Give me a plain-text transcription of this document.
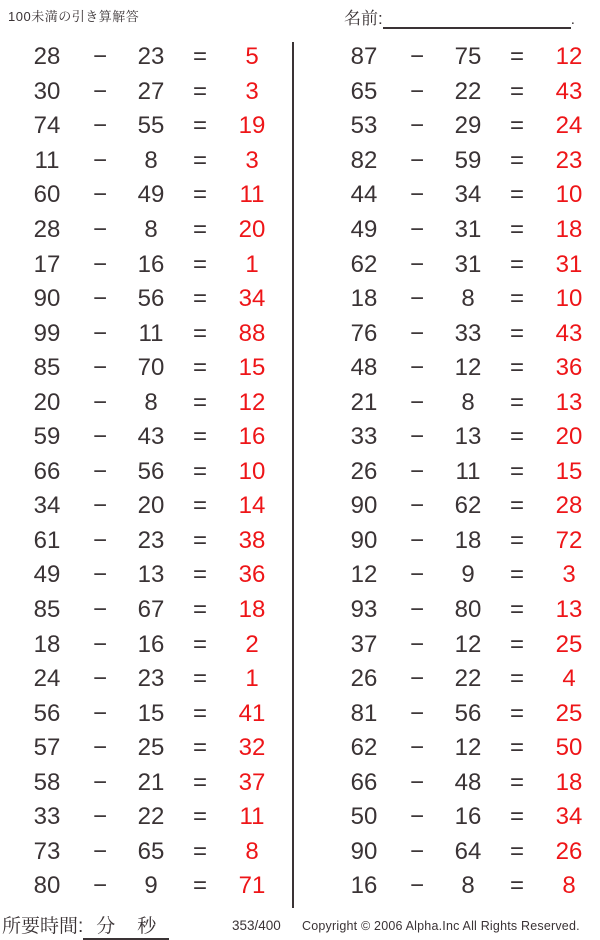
100未満の引き算解答	名前:	.
28	−	23	=	5
30	−	27	=	3
74	−	55	=	19
11	−	8	=	3
60	−	49	=	11
28	−	8	=	20
17	−	16	=	1
90	−	56	=	34
99	−	11	=	88
85	−	70	=	15
20	−	8	=	12
59	−	43	=	16
66	−	56	=	10
34	−	20	=	14
61	−	23	=	38
49	−	13	=	36
85	−	67	=	18
18	−	16	=	2
24	−	23	=	1
56	−	15	=	41
57	−	25	=	32
58	−	21	=	37
33	−	22	=	11
73	−	65	=	8
80	−	9	=	71
87	−	75	=	12
65	−	22	=	43
53	−	29	=	24
82	−	59	=	23
44	−	34	=	10
49	−	31	=	18
62	−	31	=	31
18	−	8	=	10
76	−	33	=	43
48	−	12	=	36
21	−	8	=	13
33	−	13	=	20
26	−	11	=	15
90	−	62	=	28
90	−	18	=	72
12	−	9	=	3
93	−	80	=	13
37	−	12	=	25
26	−	22	=	4
81	−	56	=	25
62	−	12	=	50
66	−	48	=	18
50	−	16	=	34
90	−	64	=	26
16	−	8	=	8
所要時間: 分 秒	353/400 Copyright © 2006 Alpha.Inc All Rights Reserved.
